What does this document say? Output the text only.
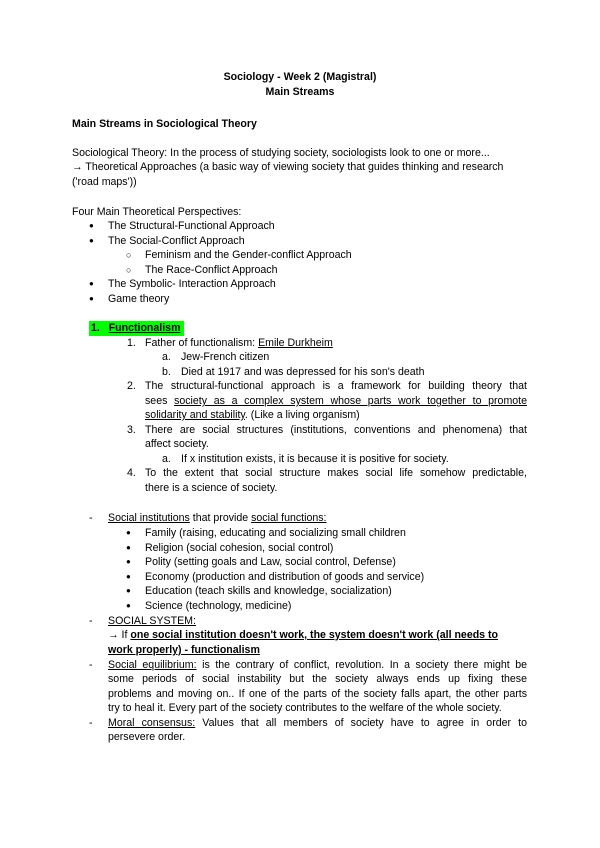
Sociology - Week 2 (Magistral)
Main Streams
Main Streams in Sociological Theory
Sociological Theory: In the process of studying society, sociologists look to one or more...
→ Theoretical Approaches (a basic way of viewing society that guides thinking and research
('road maps'))
Four Main Theoretical Perspectives:
● The Structural-Functional Approach
● The Social-Conflict Approach
○ Feminism and the Gender-conflict Approach
○ The Race-Conflict Approach
● The Symbolic- Interaction Approach
● Game theory
1. Functionalism
1. Father of functionalism: Emile Durkheim
a. Jew-French citizen
b. Died at 1917 and was depressed for his son's death
2. The structural-functional approach is a framework for building theory that
sees society as a complex system whose parts work together to promote
solidarity and stability. (Like a living organism)
3. There are social structures (institutions, conventions and phenomena) that
affect society.
a. If x institution exists, it is because it is positive for society.
4. To the extent that social structure makes social life somehow predictable,
there is a science of society.
- Social institutions that provide social functions:
● Family (raising, educating and socializing small children
● Religion (social cohesion, social control)
● Polity (setting goals and Law, social control, Defense)
● Economy (production and distribution of goods and service)
● Education (teach skills and knowledge, socialization)
● Science (technology, medicine)
- SOCIAL SYSTEM:
→ If one social institution doesn't work, the system doesn't work (all needs to
work properly) - functionalism
- Social equilibrium: is the contrary of conflict, revolution. In a society there might be
some periods of social instability but the society always ends up fixing these
problems and moving on.. If one of the parts of the society falls apart, the other parts
try to heal it. Every part of the society contributes to the welfare of the whole society.
- Moral consensus: Values that all members of society have to agree in order to
persevere order.
